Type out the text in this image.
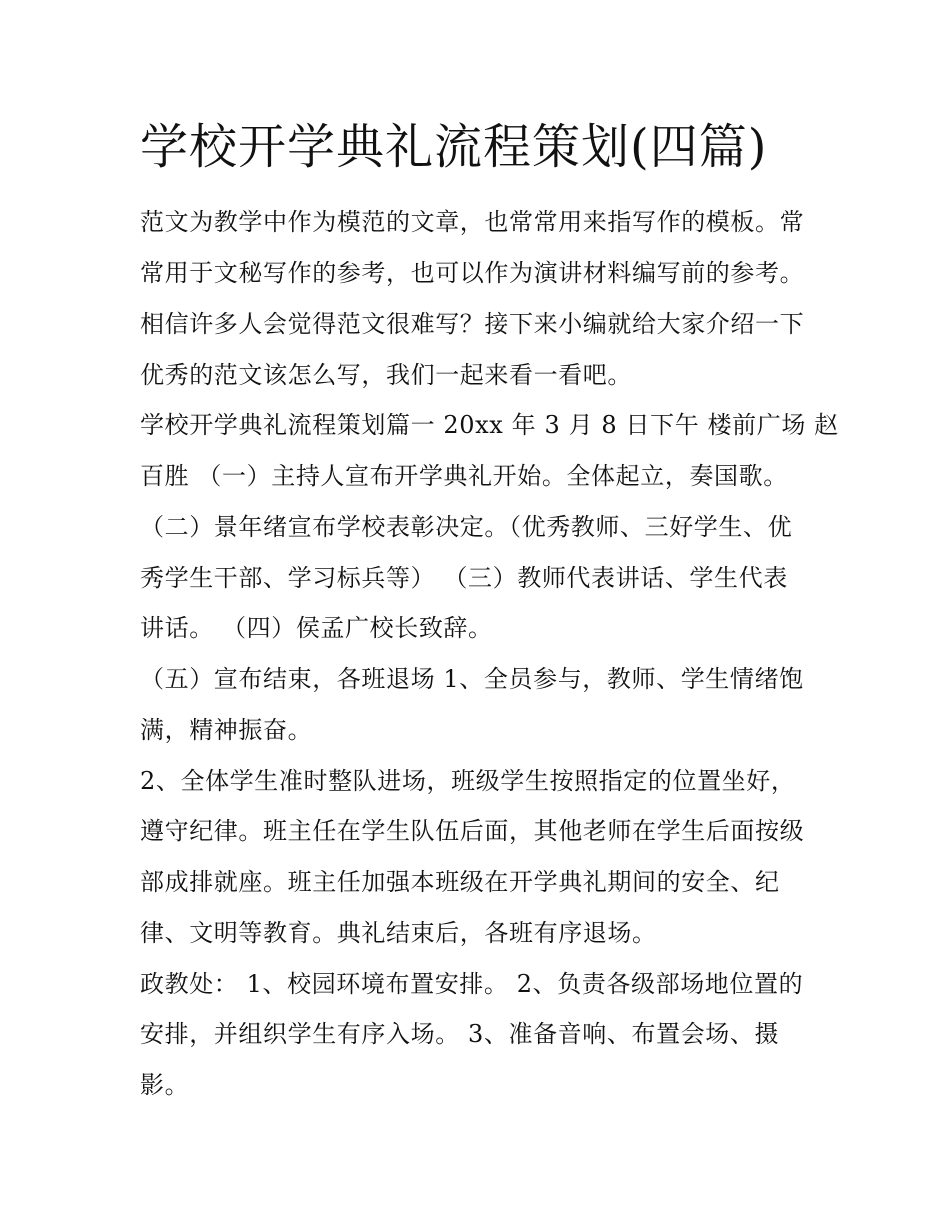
学校开学典礼流程策划(四篇)

范文为教学中作为模范的文章，也常常用来指写作的模板。常

常用于文秘写作的参考，也可以作为演讲材料编写前的参考。

相信许多人会觉得范文很难写？接下来小编就给大家介绍一下

优秀的范文该怎么写，我们一起来看一看吧。

学校开学典礼流程策划篇一 20xx 年 3 月 8 日下午 楼前广场 赵

百胜 （一）主持人宣布开学典礼开始。全体起立，奏国歌。

（二）景年绪宣布学校表彰决定。（优秀教师、三好学生、优

秀学生干部、学习标兵等） （三）教师代表讲话、学生代表

讲话。 （四）侯孟广校长致辞。

（五）宣布结束，各班退场 1、全员参与，教师、学生情绪饱

满，精神振奋。

2、全体学生准时整队进场，班级学生按照指定的位置坐好，

遵守纪律。班主任在学生队伍后面，其他老师在学生后面按级

部成排就座。班主任加强本班级在开学典礼期间的安全、纪

律、文明等教育。典礼结束后，各班有序退场。

政教处： 1、校园环境布置安排。 2、负责各级部场地位置的

安排，并组织学生有序入场。 3、准备音响、布置会场、摄

影。
